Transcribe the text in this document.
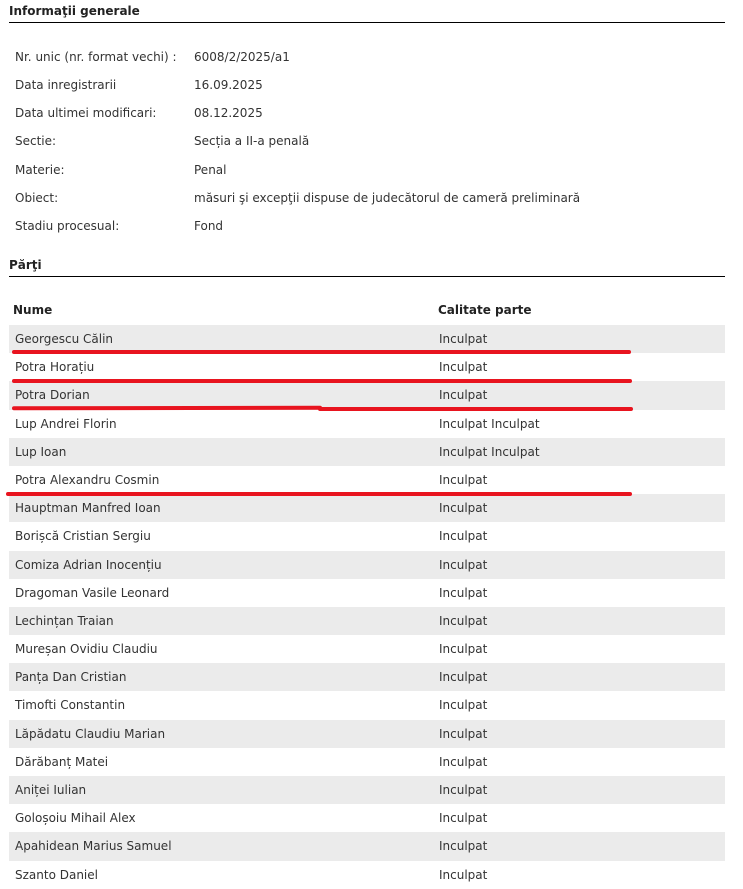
Informaţii generale
Nr. unic (nr. format vechi) : 6008/2/2025/a1
Data inregistrarii	16.09.2025
Data ultimei modificari:	08.12.2025
Sectie:	Secția a II-a penală
Materie:	Penal
Obiect:	măsuri şi excepţii dispuse de judecătorul de cameră preliminară
Stadiu procesual:	Fond
Părţi
Nume	Calitate parte
Georgescu Călin	Inculpat
Potra Horațiu	Inculpat
Potra Dorian	Inculpat
Lup Andrei Florin	Inculpat Inculpat
Lup Ioan	Inculpat Inculpat
Potra Alexandru Cosmin	Inculpat
Hauptman Manfred Ioan	Inculpat
Borișcă Cristian Sergiu	Inculpat
Comiza Adrian Inocențiu	Inculpat
Dragoman Vasile Leonard	Inculpat
Lechințan Traian	Inculpat
Mureșan Ovidiu Claudiu	Inculpat
Panța Dan Cristian	Inculpat
Timofti Constantin	Inculpat
Lăpădatu Claudiu Marian	Inculpat
Dărăbanț Matei	Inculpat
Aniței Iulian	Inculpat
Goloșoiu Mihail Alex	Inculpat
Apahidean Marius Samuel	Inculpat
Szanto Daniel	Inculpat
